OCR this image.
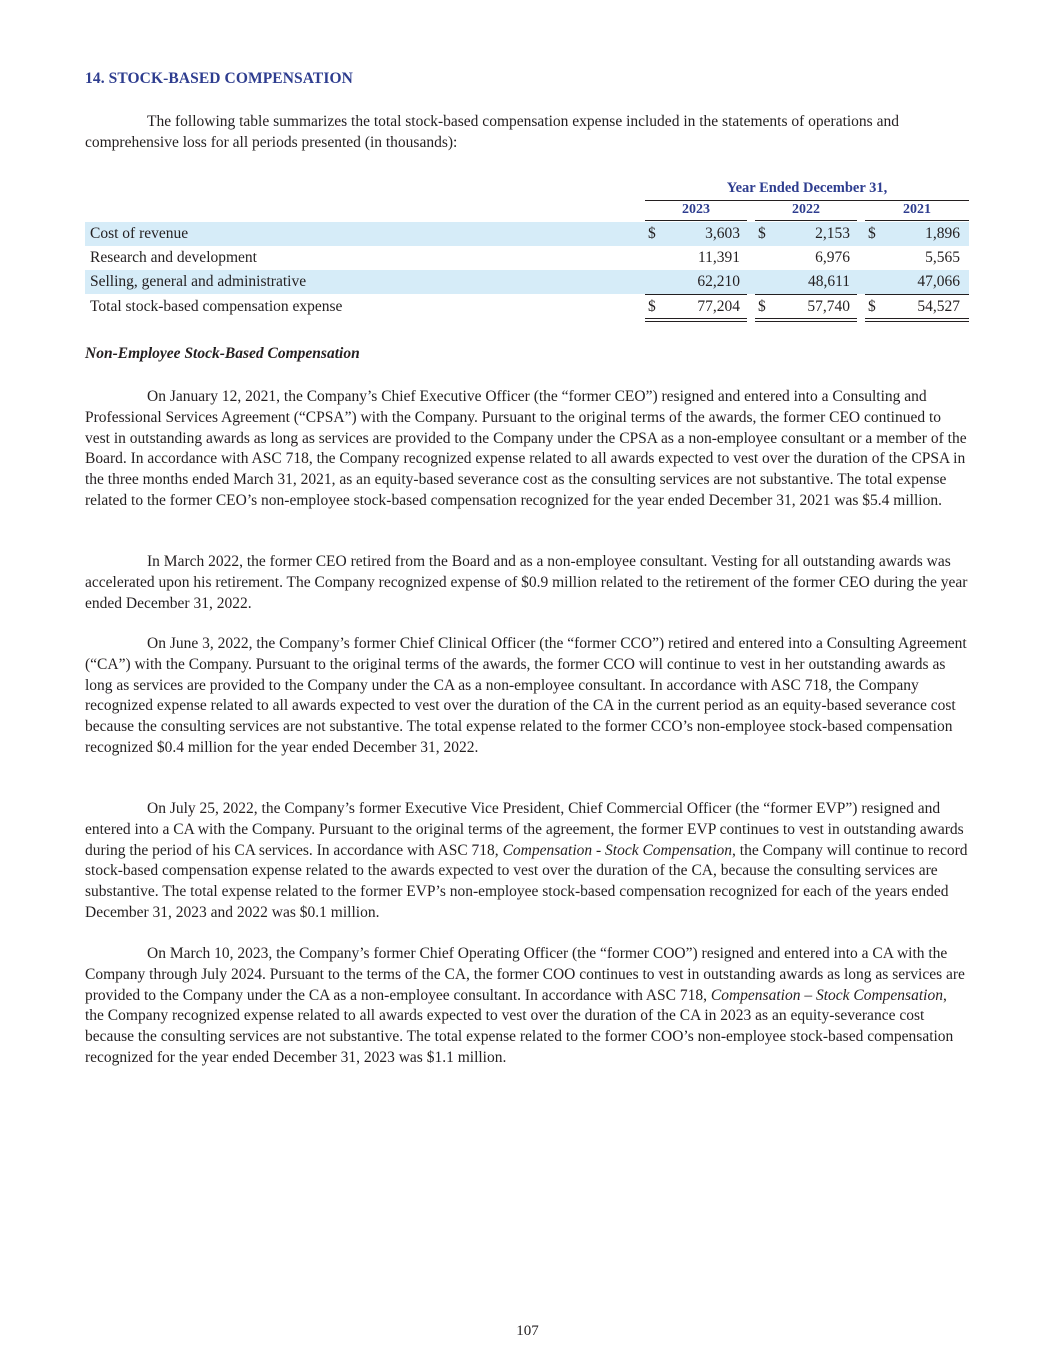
14. STOCK-BASED COMPENSATION

The following table summarizes the total stock-based compensation expense included in the statements of operations and comprehensive loss for all periods presented (in thousands):

Year Ended December 31,
2023	2022	2021
Cost of revenue	$	3,603 $	2,153 $	1,896
Research and development	11,391	6,976	5,565
Selling, general and administrative	62,210	48,611	47,066
Total stock-based compensation expense	$	77,204 $	57,740 $	54,527
Non-Employee Stock-Based Compensation

On January 12, 2021, the Company’s Chief Executive Officer (the “former CEO”) resigned and entered into a Consulting and Professional Services Agreement (“CPSA”) with the Company. Pursuant to the original terms of the awards, the former CEO continued to vest in outstanding awards as long as services are provided to the Company under the CPSA as a non-employee consultant or a member of the Board. In accordance with ASC 718, the Company recognized expense related to all awards expected to vest over the duration of the CPSA in the three months ended March 31, 2021, as an equity-based severance cost as the consulting services are not substantive. The total expense related to the former CEO’s non-employee stock-based compensation recognized for the year ended December 31, 2021 was $5.4 million.

In March 2022, the former CEO retired from the Board and as a non-employee consultant. Vesting for all outstanding awards was accelerated upon his retirement. The Company recognized expense of $0.9 million related to the retirement of the former CEO during the year ended December 31, 2022.

On June 3, 2022, the Company’s former Chief Clinical Officer (the “former CCO”) retired and entered into a Consulting Agreement (“CA”) with the Company. Pursuant to the original terms of the awards, the former CCO will continue to vest in her outstanding awards as long as services are provided to the Company under the CA as a non-employee consultant. In accordance with ASC 718, the Company recognized expense related to all awards expected to vest over the duration of the CA in the current period as an equity-based severance cost because the consulting services are not substantive. The total expense related to the former CCO’s non-employee stock-based compensation recognized $0.4 million for the year ended December 31, 2022.

On July 25, 2022, the Company’s former Executive Vice President, Chief Commercial Officer (the “former EVP”) resigned and entered into a CA with the Company. Pursuant to the original terms of the agreement, the former EVP continues to vest in outstanding awards during the period of his CA services. In accordance with ASC 718, Compensation - Stock Compensation, the Company will continue to record stock-based compensation expense related to the awards expected to vest over the duration of the CA, because the consulting services are substantive. The total expense related to the former EVP’s non-employee stock-based compensation recognized for each of the years ended December 31, 2023 and 2022 was $0.1 million.

On March 10, 2023, the Company’s former Chief Operating Officer (the “former COO”) resigned and entered into a CA with the Company through July 2024. Pursuant to the terms of the CA, the former COO continues to vest in outstanding awards as long as services are provided to the Company under the CA as a non-employee consultant. In accordance with ASC 718, Compensation – Stock Compensation, the Company recognized expense related to all awards expected to vest over the duration of the CA in 2023 as an equity-severance cost because the consulting services are not substantive. The total expense related to the former COO’s non-employee stock-based compensation recognized for the year ended December 31, 2023 was $1.1 million.

107
